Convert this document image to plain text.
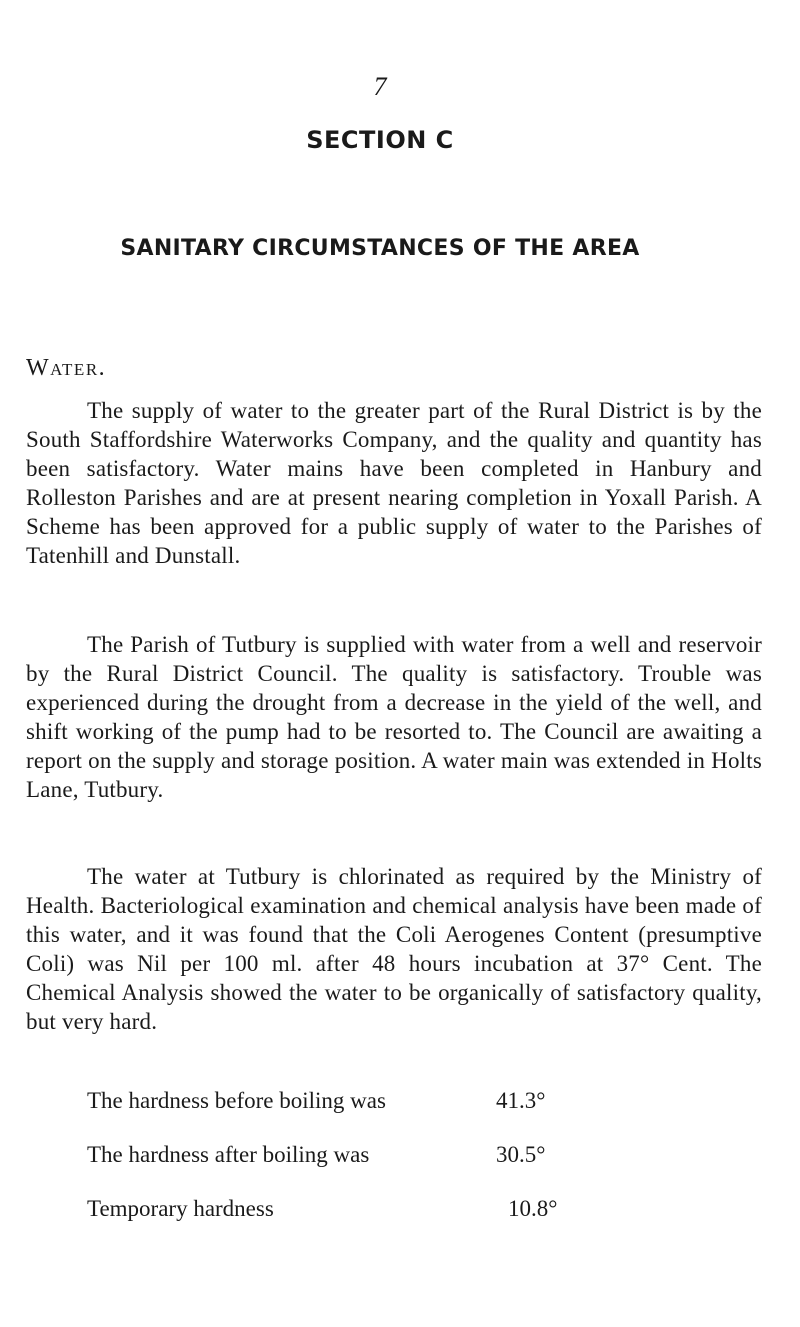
7
SECTION C
SANITARY CIRCUMSTANCES OF THE AREA
Water.

The supply of water to the greater part of the Rural District is by the South Staffordshire Waterworks Company, and the quality and quantity has been satisfactory. Water mains have been completed in Hanbury and Rolleston Parishes and are at present nearing completion in Yoxall Parish. A Scheme has been approved for a public supply of water to the Parishes of Tatenhill and Dunstall.

The Parish of Tutbury is supplied with water from a well and reservoir by the Rural District Council. The quality is satisfactory. Trouble was experienced during the drought from a decrease in the yield of the well, and shift working of the pump had to be resorted to. The Council are awaiting a report on the supply and storage position. A water main was extended in Holts Lane, Tutbury.

The water at Tutbury is chlorinated as required by the Ministry of Health. Bacteriological examination and chemical analysis have been made of this water, and it was found that the Coli Aerogenes Content (presumptive Coli) was Nil per 100 ml. after 48 hours incubation at 37° Cent. The Chemical Analysis showed the water to be organically of satisfactory quality, but very hard.

The hardness before boiling was	41.3°
The hardness after boiling was	30.5°
Temporary hardness	10.8°
